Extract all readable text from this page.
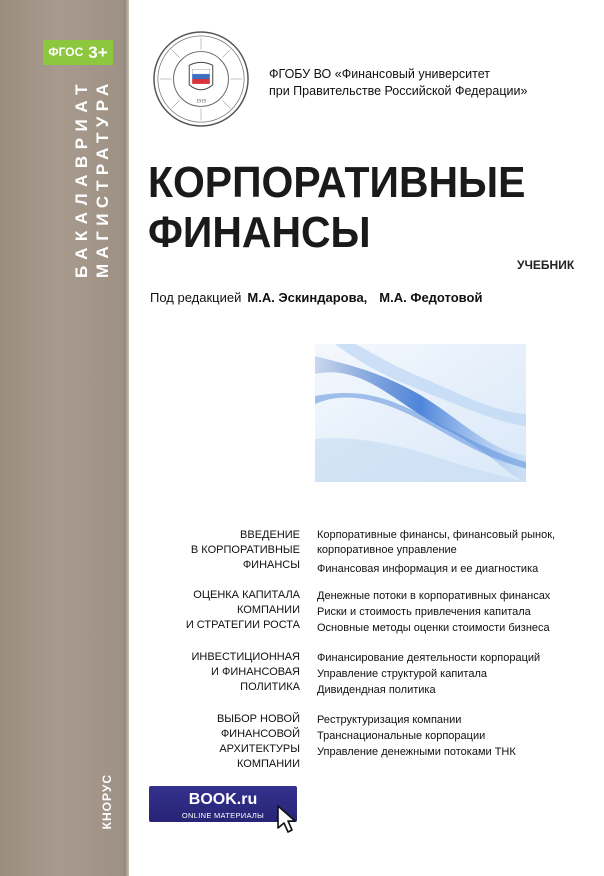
ФГОС 3+
БАКАЛАВРИАТ МАГИСТРАТУРА
КНОРУС
1919
ФГОБУ ВО «Финансовый университет
при Правительстве Российской Федерации»
КОРПОРАТИВНЫЕ
ФИНАНСЫ
УЧЕБНИК
Под редакцией М.А. Эскиндарова, М.А. Федотовой
ВВЕДЕНИЕ
В КОРПОРАТИВНЫЕ
ФИНАНСЫ
Корпоративные финансы, финансовый рынок,
корпоративное управление
Финансовая информация и ее диагностика
ОЦЕНКА КАПИТАЛА
КОМПАНИИ
И СТРАТЕГИИ РОСТА
Денежные потоки в корпоративных финансах
Риски и стоимость привлечения капитала
Основные методы оценки стоимости бизнеса
ИНВЕСТИЦИОННАЯ
И ФИНАНСОВАЯ
ПОЛИТИКА
Финансирование деятельности корпораций
Управление структурой капитала
Дивидендная политика
ВЫБОР НОВОЙ
ФИНАНСОВОЙ
АРХИТЕКТУРЫ
КОМПАНИИ
Реструктуризация компании
Транснациональные корпорации
Управление денежными потоками ТНК
BOOK.ru
ONLINE МАТЕРИАЛЫ
